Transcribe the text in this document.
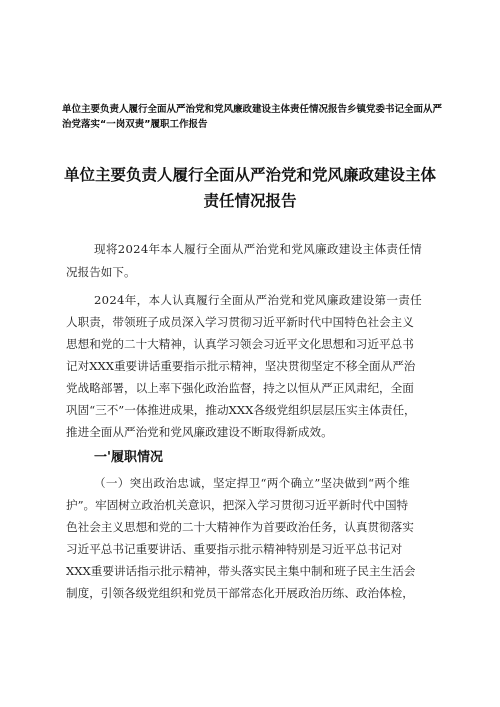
单位主要负责人履行全面从严治党和党风廉政建设主体责任情况报告乡镇党委书记全面从严
治党落实“一岗双责”履职工作报告
单位主要负责人履行全面从严治党和党风廉政建设主体
责任情况报告
现将2024年本人履行全面从严治党和党风廉政建设主体责任情
况报告如下。
2024年，本人认真履行全面从严治党和党风廉政建设第一责任
人职责，带领班子成员深入学习贯彻习近平新时代中国特色社会主义
思想和党的二十大精神，认真学习领会习近平文化思想和习近平总书
记对XXX重要讲话重要指示批示精神，坚决贯彻坚定不移全面从严治
党战略部署，以上率下强化政治监督，持之以恒从严正风肃纪，全面
巩固“三不”一体推进成果，推动XXX各级党组织层层压实主体责任，
推进全面从严治党和党风廉政建设不断取得新成效。
一'履职情况
（一）突出政治忠诚，坚定捍卫“两个确立”坚决做到“两个维
护”。牢固树立政治机关意识，把深入学习贯彻习近平新时代中国特
色社会主义思想和党的二十大精神作为首要政治任务，认真贯彻落实
习近平总书记重要讲话、重要指示批示精神特别是习近平总书记对
XXX重要讲话指示批示精神，带头落实民主集中制和班子民主生活会
制度，引领各级党组织和党员干部常态化开展政治历练、政治体检，
